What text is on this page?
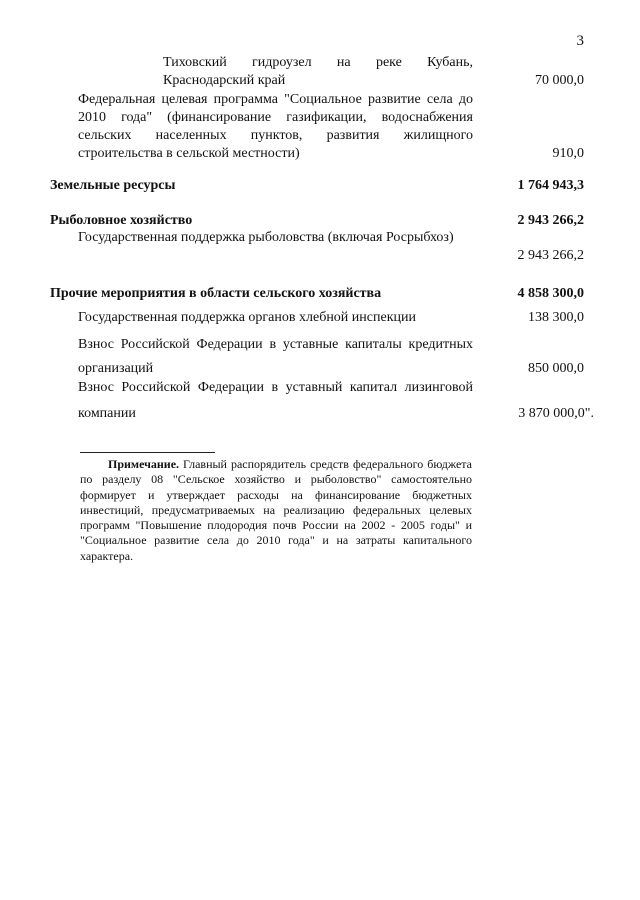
3
Тиховский гидроузел на реке Кубань, Краснодарский край	70 000,0
Федеральная целевая программа "Социальное развитие села до 2010 года" (финансирование газификации, водоснабжения сельских населенных пунктов, развития жилищного строительства в сельской местности)	910,0
Земельные ресурсы	1 764 943,3
Рыболовное хозяйство	2 943 266,2
Государственная поддержка рыболовства (включая Росрыбхоз)
2 943 266,2
Прочие мероприятия в области сельского хозяйства	4 858 300,0
Государственная поддержка органов хлебной инспекции	138 300,0
Взнос Российской Федерации в уставные капиталы кредитных организаций	850 000,0
Взнос Российской Федерации в уставный капитал лизинговой компании	3 870 000,0".
Примечание. Главный распорядитель средств федерального бюджета по разделу 08 "Сельское хозяйство и рыболовство" самостоятельно формирует и утверждает расходы на финансирование бюджетных инвестиций, предусматриваемых на реализацию федеральных целевых программ "Повышение плодородия почв России на 2002 - 2005 годы" и "Социальное развитие села до 2010 года" и на затраты капитального характера.
